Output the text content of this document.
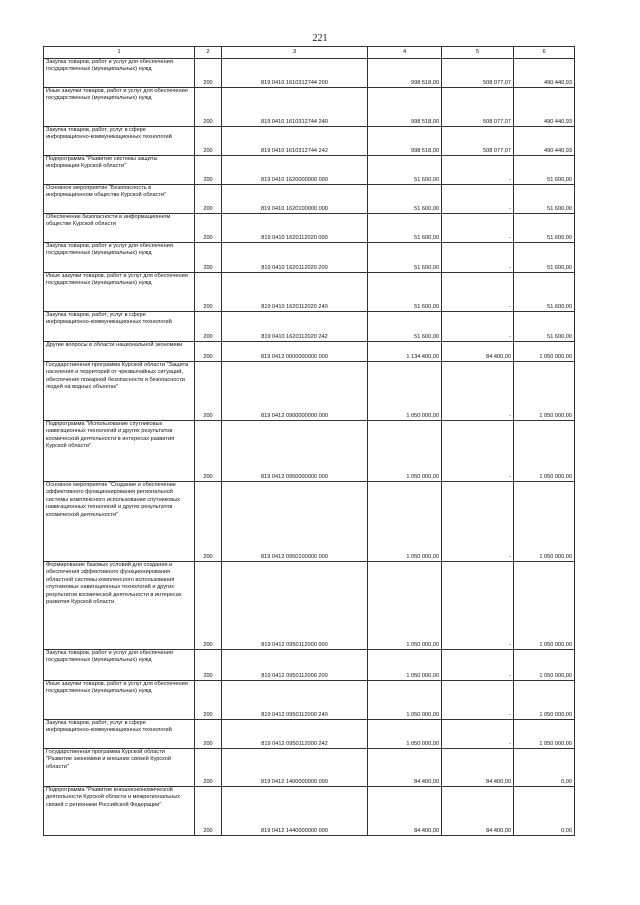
221
1	2	3	4	5	6
Закупка товаров, работ и услуг для обеспечения государственных (муниципальных) нужд	200	819 0410 1610312744 200	998 518,00	508 077,07	490 440,93
Иные закупки товаров, работ и услуг для обеспечения государственных (муниципальных) нужд	200	819 0410 1610312744 240	998 518,00	508 077,07	490 440,93
Закупка товаров, работ, услуг в сфере информационно-коммуникационных технологий	200	819 0410 1610312744 242	998 518,00	508 077,07	490 440,93
Подпрограмма "Развитие системы защиты информации Курской области"	200	819 0410 1620000000 000	51 600,00	-	51 600,00
Основное мероприятие "Безопасность в информационном обществе Курской области"	200	819 0410 1620100000 000	51 600,00	-	51 600,00
Обеспечение безопасности в информационном обществе Курской области	200	819 0410 1620112020 000	51 600,00	-	51 600,00
Закупка товаров, работ и услуг для обеспечения государственных (муниципальных) нужд	200	819 0410 1620112020 200	51 600,00	-	51 600,00
Иные закупки товаров, работ и услуг для обеспечения государственных (муниципальных) нужд	200	819 0410 1620112020 240	51 600,00	-	51 600,00
Закупка товаров, работ, услуг в сфере информационно-коммуникационных технологий	200	819 0410 1620112020 242	51 600,00	-	51 600,00
Другие вопросы в области национальной экономики	200	819 0412 0000000000 000	1 134 400,00	84 400,00	1 050 000,00
Государственная программа Курской области "Защита населения и территорий от чрезвычайных ситуаций, обеспечение пожарной безопасности и безопасности людей на водных объектах"	200	819 0412 0900000000 000	1 050 000,00	-	1 050 000,00
Подпрограмма "Использование спутниковых навигационных технологий и других результатов космической деятельности в интересах развития Курской области"	200	819 0412 0950000000 000	1 050 000,00	-	1 050 000,00
Основное мероприятие "Создание и обеспечение эффективного функционирования региональной системы комплексного использования спутниковых навигационных технологий и других результатов космической деятельности"	200	819 0412 0950100000 000	1 050 000,00	-	1 050 000,00
Формирование базовых условий для создания и обеспечения эффективного функционирования областной системы комплексного использования спутниковых навигационных технологий и других результатов космической деятельности в интересах развития Курской области	200	819 0412 0950112000 000	1 050 000,00	-	1 050 000,00
Закупка товаров, работ и услуг для обеспечения государственных (муниципальных) нужд	200	819 0412 0950112000 200	1 050 000,00	-	1 050 000,00
Иные закупки товаров, работ и услуг для обеспечения государственных (муниципальных) нужд	200	819 0412 0950112000 240	1 050 000,00	-	1 050 000,00
Закупка товаров, работ, услуг в сфере информационно-коммуникационных технологий	200	819 0412 0950112000 242	1 050 000,00	-	1 050 000,00
Государственная программа Курской области "Развитие экономики и внешних связей Курской области"	200	819 0412 1400000000 000	84 400,00	84 400,00	0,00
Подпрограмма "Развитие внешнеэкономической деятельности Курской области и межрегиональных связей с регионами Российской Федерации"	200	819 0412 1440000000 000	84 400,00	84 400,00	0,00
